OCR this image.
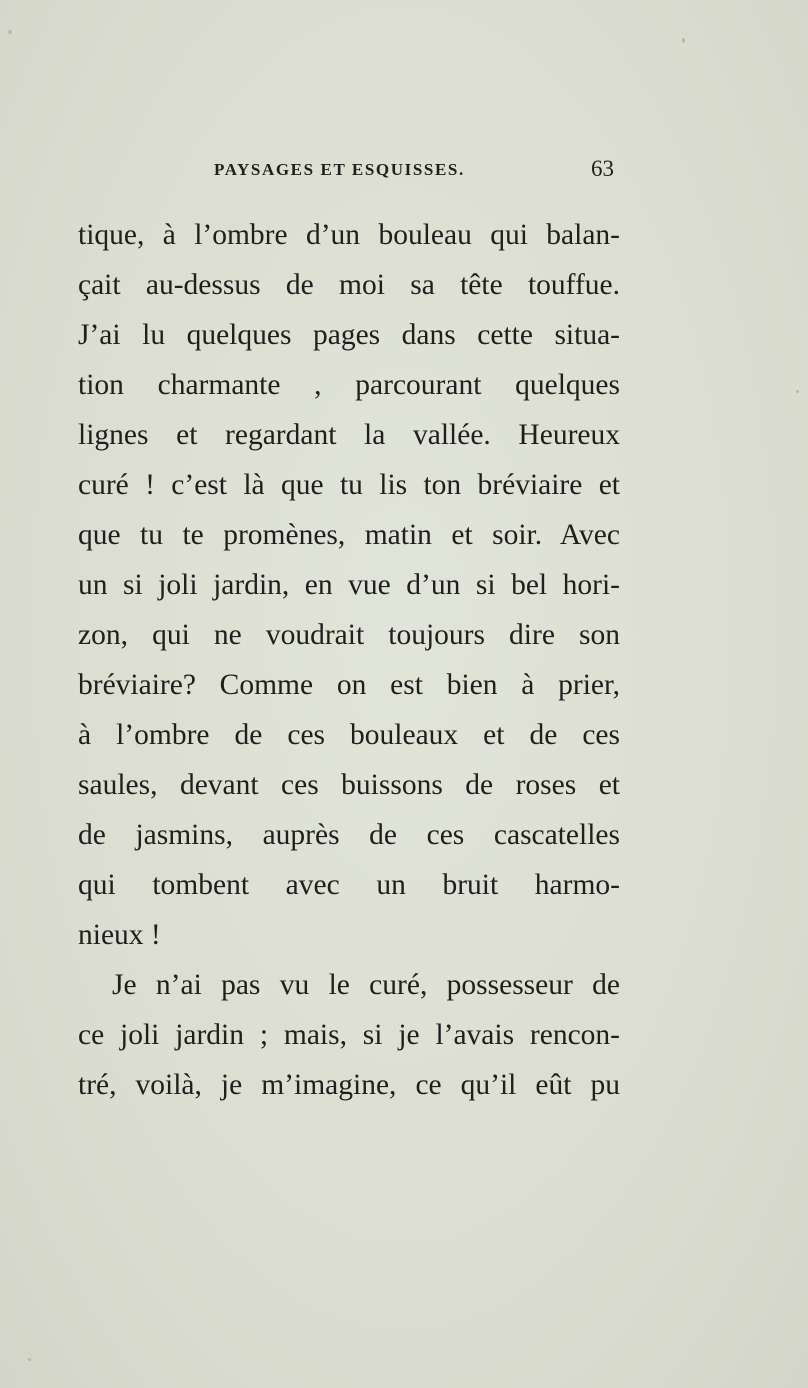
PAYSAGES ET ESQUISSES.	63
tique, à l’ombre d’un bouleau qui balan-
çait au-dessus de moi sa tête touffue.
J’ai lu quelques pages dans cette situa-
tion charmante , parcourant quelques
lignes et regardant la vallée. Heureux
curé ! c’est là que tu lis ton bréviaire et
que tu te promènes, matin et soir. Avec
un si joli jardin, en vue d’un si bel hori-
zon, qui ne voudrait toujours dire son
bréviaire? Comme on est bien à prier,
à l’ombre de ces bouleaux et de ces
saules, devant ces buissons de roses et
de jasmins, auprès de ces cascatelles
qui tombent avec un bruit harmo-
nieux !
Je n’ai pas vu le curé, possesseur de
ce joli jardin ; mais, si je l’avais rencon-
tré, voilà, je m’imagine, ce qu’il eût pu
